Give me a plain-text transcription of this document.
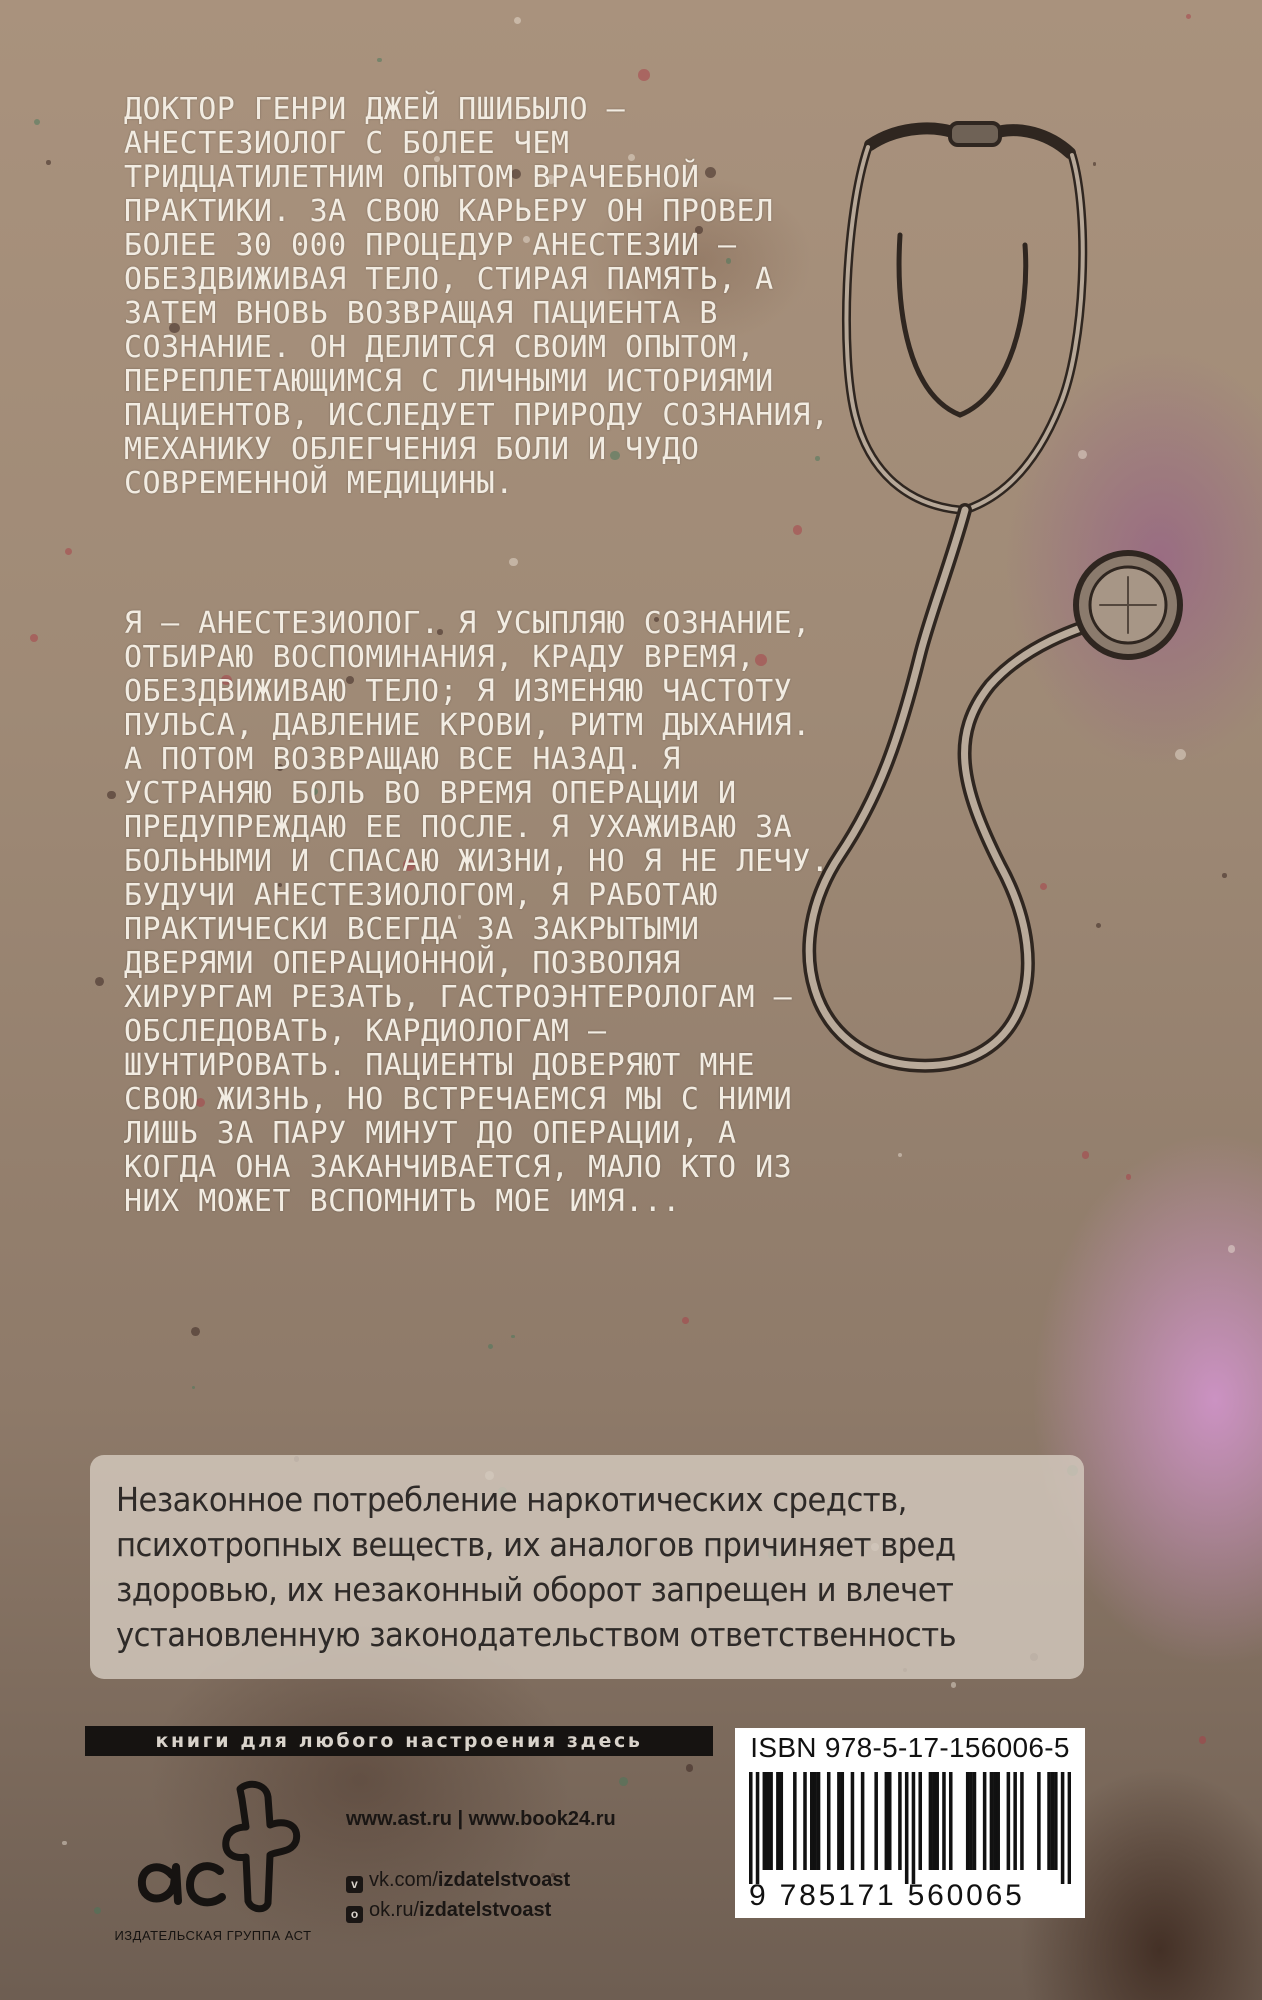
ДОКТОР ГЕНРИ ДЖЕЙ ПШИБЫЛО – АНЕСТЕЗИОЛОГ С БОЛЕЕ ЧЕМ ТРИДЦАТИЛЕТНИМ ОПЫТОМ ВРАЧЕБНОЙ ПРАКТИКИ. ЗА СВОЮ КАРЬЕРУ ОН ПРОВЕЛ БОЛЕЕ 30 000 ПРОЦЕДУР АНЕСТЕЗИИ – ОБЕЗДВИЖИВАЯ ТЕЛО, СТИРАЯ ПАМЯТЬ, А ЗАТЕМ ВНОВЬ ВОЗВРАЩАЯ ПАЦИЕНТА В СОЗНАНИЕ. ОН ДЕЛИТСЯ СВОИМ ОПЫТОМ, ПЕРЕПЛЕТАЮЩИМСЯ С ЛИЧНЫМИ ИСТОРИЯМИ ПАЦИЕНТОВ, ИССЛЕДУЕТ ПРИРОДУ СОЗНАНИЯ, МЕХАНИКУ ОБЛЕГЧЕНИЯ БОЛИ И ЧУДО СОВРЕМЕННОЙ МЕДИЦИНЫ.

Я – АНЕСТЕЗИОЛОГ. Я УСЫПЛЯЮ СОЗНАНИЕ, ОТБИРАЮ ВОСПОМИНАНИЯ, КРАДУ ВРЕМЯ, ОБЕЗДВИЖИВАЮ ТЕЛО; Я ИЗМЕНЯЮ ЧАСТОТУ ПУЛЬСА, ДАВЛЕНИЕ КРОВИ, РИТМ ДЫХАНИЯ. А ПОТОМ ВОЗВРАЩАЮ ВСЕ НАЗАД. Я УСТРАНЯЮ БОЛЬ ВО ВРЕМЯ ОПЕРАЦИИ И ПРЕДУПРЕЖДАЮ ЕЕ ПОСЛЕ. Я УХАЖИВАЮ ЗА БОЛЬНЫМИ И СПАСАЮ ЖИЗНИ, НО Я НЕ ЛЕЧУ. БУДУЧИ АНЕСТЕЗИОЛОГОМ, Я РАБОТАЮ ПРАКТИЧЕСКИ ВСЕГДА ЗА ЗАКРЫТЫМИ ДВЕРЯМИ ОПЕРАЦИОННОЙ, ПОЗВОЛЯЯ ХИРУРГАМ РЕЗАТЬ, ГАСТРОЭНТЕРОЛОГАМ – ОБСЛЕДОВАТЬ, КАРДИОЛОГАМ – ШУНТИРОВАТЬ. ПАЦИЕНТЫ ДОВЕРЯЮТ МНЕ СВОЮ ЖИЗНЬ, НО ВСТРЕЧАЕМСЯ МЫ С НИМИ ЛИШЬ ЗА ПАРУ МИНУТ ДО ОПЕРАЦИИ, А КОГДА ОНА ЗАКАНЧИВАЕТСЯ, МАЛО КТО ИЗ НИХ МОЖЕТ ВСПОМНИТЬ МОЕ ИМЯ...

Незаконное потребление наркотических средств, психотропных веществ, их аналогов причиняет вред здоровью, их незаконный оборот запрещен и влечет установленную законодательством ответственность

книги для любого настроения здесь
ИЗДАТЕЛЬСКАЯ ГРУППА АСТ
www.ast.ru | www.book24.ru
v vk.com/izdatelstvoast
o ok.ru/izdatelstvoast
ISBN 978-5-17-156006-5
9 785171 560065
